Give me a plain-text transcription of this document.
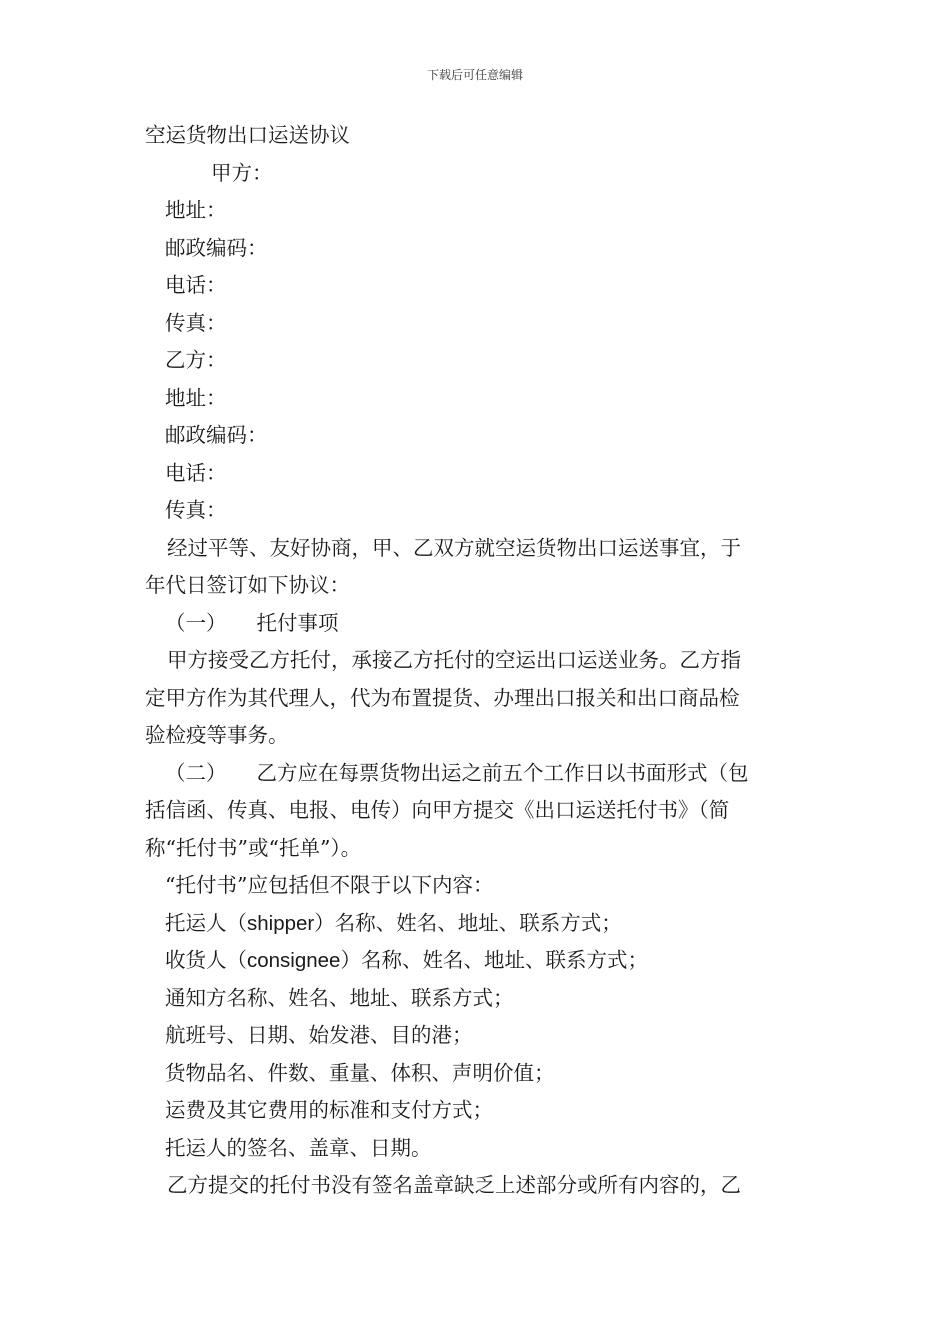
下载后可任意编辑
空运货物出口运送协议
甲方：
地址：
邮政编码：
电话：
传真：
乙方：
地址：
邮政编码：
电话：
传真：
经过平等、友好协商，甲、乙双方就空运货物出口运送事宜，于
年代日签订如下协议：
（一） 托付事项
甲方接受乙方托付，承接乙方托付的空运出口运送业务。乙方指
定甲方作为其代理人，代为布置提货、办理出口报关和出口商品检
验检疫等事务。
（二） 乙方应在每票货物出运之前五个工作日以书面形式（包
括信函、传真、电报、电传）向甲方提交《出口运送托付书》（简
称“托付书”或“托单”）。
“托付书”应包括但不限于以下内容：
托运人（shipper）名称、姓名、地址、联系方式；
收货人（consignee）名称、姓名、地址、联系方式；
通知方名称、姓名、地址、联系方式；
航班号、日期、始发港、目的港；
货物品名、件数、重量、体积、声明价值；
运费及其它费用的标准和支付方式；
托运人的签名、盖章、日期。
乙方提交的托付书没有签名盖章缺乏上述部分或所有内容的，乙
